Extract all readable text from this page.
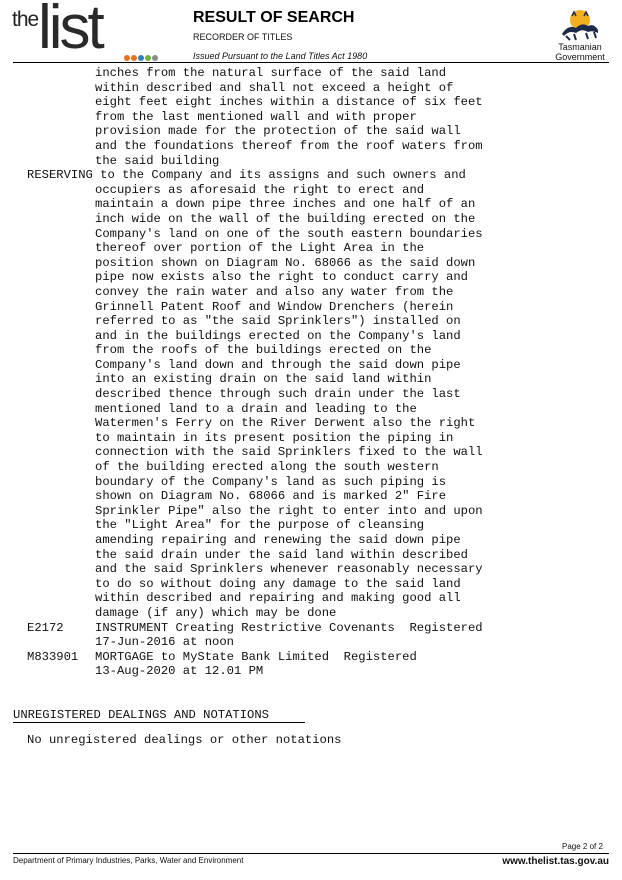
the list	RESULT OF SEARCH
RECORDER OF TITLES
Issued Pursuant to the Land Titles Act 1980
Tasmanian
Government
inches from the natural surface of the said land
within described and shall not exceed a height of
eight feet eight inches within a distance of six feet
from the last mentioned wall and with proper
provision made for the protection of the said wall
and the foundations thereof from the roof waters from
the said building
RESERVING to the Company and its assigns and such owners and
occupiers as aforesaid the right to erect and
maintain a down pipe three inches and one half of an
inch wide on the wall of the building erected on the
Company's land on one of the south eastern boundaries
thereof over portion of the Light Area in the
position shown on Diagram No. 68066 as the said down
pipe now exists also the right to conduct carry and
convey the rain water and also any water from the
Grinnell Patent Roof and Window Drenchers (herein
referred to as "the said Sprinklers") installed on
and in the buildings erected on the Company's land
from the roofs of the buildings erected on the
Company's land down and through the said down pipe
into an existing drain on the said land within
described thence through such drain under the last
mentioned land to a drain and leading to the
Watermen's Ferry on the River Derwent also the right
to maintain in its present position the piping in
connection with the said Sprinklers fixed to the wall
of the building erected along the south western
boundary of the Company's land as such piping is
shown on Diagram No. 68066 and is marked 2" Fire
Sprinkler Pipe" also the right to enter into and upon
the "Light Area" for the purpose of cleansing
amending repairing and renewing the said down pipe
the said drain under the said land within described
and the said Sprinklers whenever reasonably necessary
to do so without doing any damage to the said land
within described and repairing and making good all
damage (if any) which may be done
E2172	INSTRUMENT Creating Restrictive Covenants  Registered
17-Jun-2016 at noon
M833901 MORTGAGE to MyState Bank Limited  Registered
13-Aug-2020 at 12.01 PM
UNREGISTERED DEALINGS AND NOTATIONS
No unregistered dealings or other notations
Page 2 of 2
Department of Primary Industries, Parks, Water and Environment	www.thelist.tas.gov.au
